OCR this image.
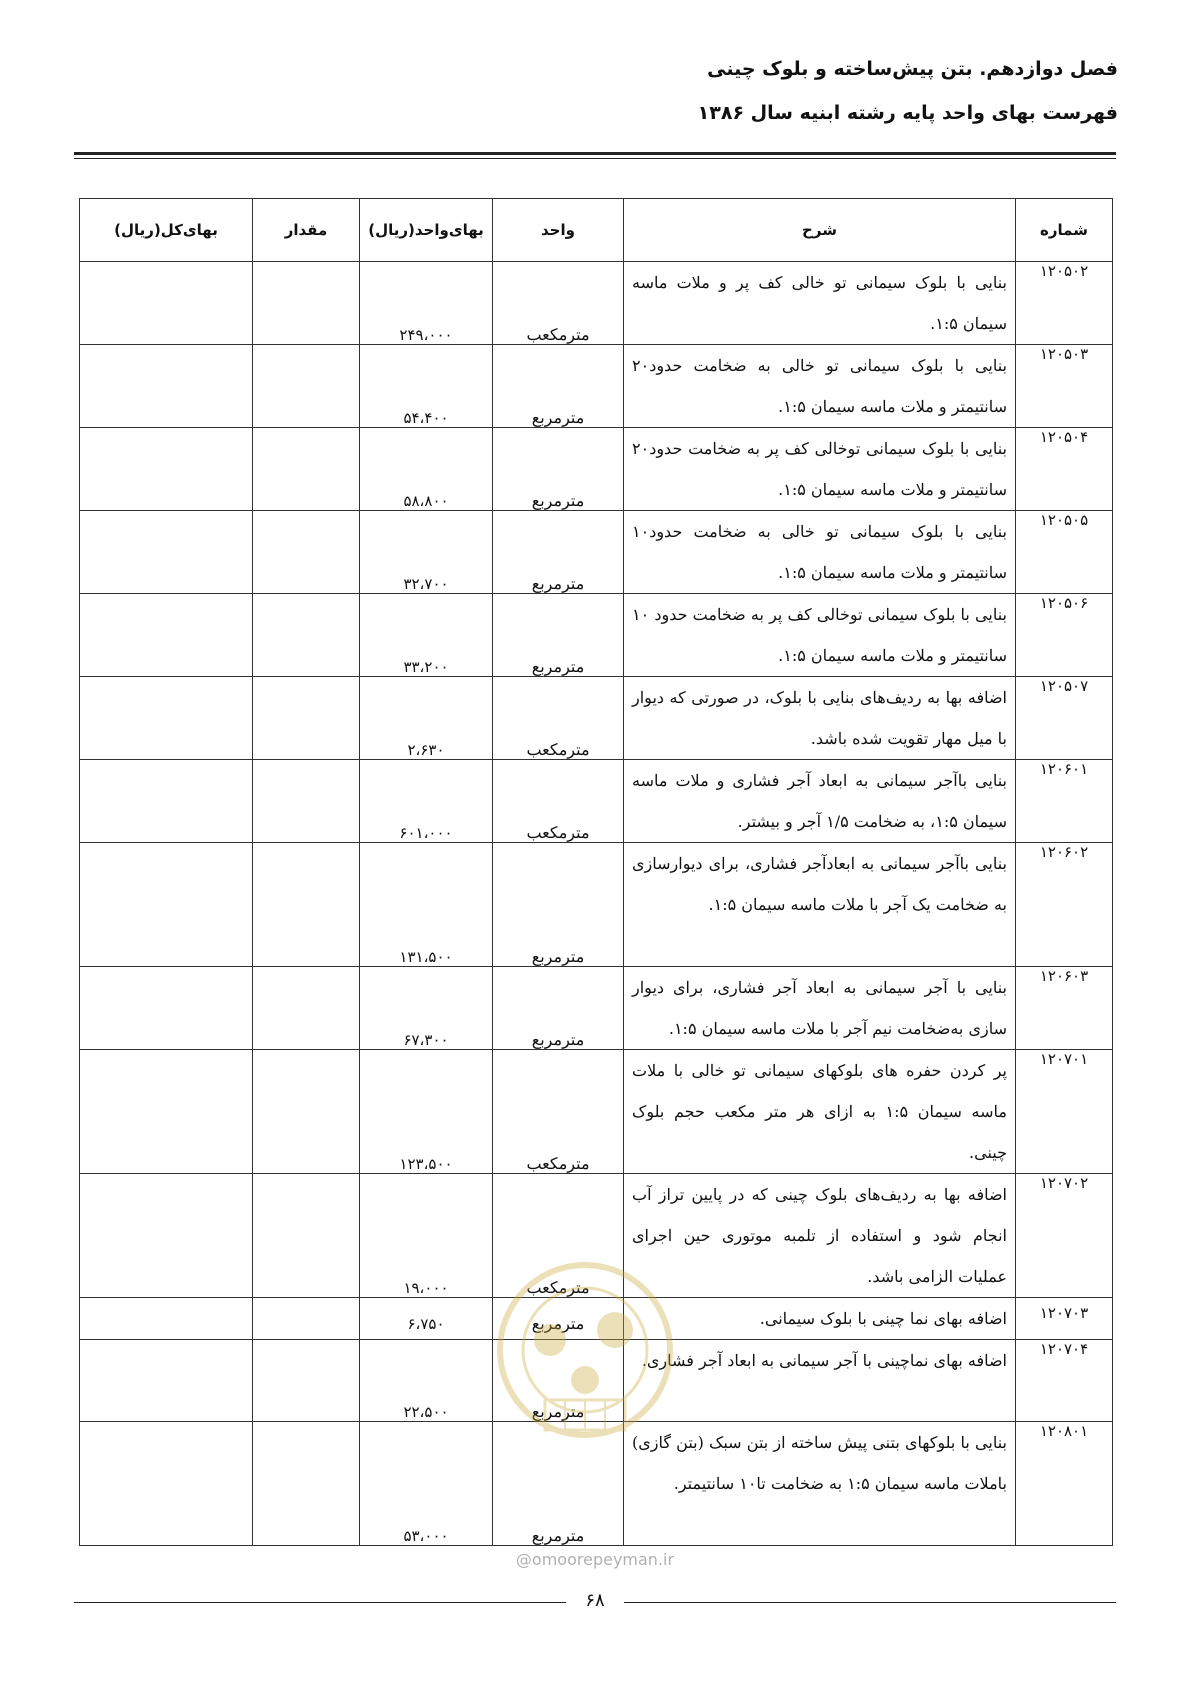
فصل دوازدهم. بتن پیش‌ساخته و بلوک چینی
فهرست بهای واحد پایه رشته ابنیه سال ۱۳۸۶
شماره	شرح	واحد	بهای‌واحد(ریال)	مقدار	بهای‌کل(ریال)
۱۲۰۵۰۲	بنایی با بلوک سیمانی تو خالی کف پر و ملات ماسه سیمان ۱:۵.	مترمکعب	۲۴۹،۰۰۰		
۱۲۰۵۰۳	بنایی با بلوک سیمانی تو خالی به ضخامت حدود۲۰ سانتیمتر و ملات ماسه سیمان ۱:۵.	مترمربع	۵۴،۴۰۰		
۱۲۰۵۰۴	بنایی با بلوک سیمانی توخالی کف پر به ضخامت حدود۲۰ سانتیمتر و ملات ماسه سیمان ۱:۵.	مترمربع	۵۸،۸۰۰		
۱۲۰۵۰۵	بنایی با بلوک سیمانی تو خالی به ضخامت حدود۱۰ سانتیمتر و ملات ماسه سیمان ۱:۵.	مترمربع	۳۲،۷۰۰		
۱۲۰۵۰۶	بنایی با بلوک سیمانی توخالی کف پر به ضخامت حدود ۱۰ سانتیمتر و ملات ماسه سیمان ۱:۵.	مترمربع	۳۳،۲۰۰		
۱۲۰۵۰۷	اضافه بها به ردیف‌های بنایی با بلوک، در صورتی که دیوار با میل مهار تقویت شده باشد.	مترمکعب	۲،۶۳۰		
۱۲۰۶۰۱	بنایی باآجر سیمانی به ابعاد آجر فشاری و ملات ماسه سیمان ۱:۵، به ضخامت ۱/۵ آجر و بیشتر.	مترمکعب	۶۰۱،۰۰۰		
۱۲۰۶۰۲	بنایی باآجر سیمانی به ابعادآجر فشاری، برای دیوارسازی به ضخامت یک آجر با ملات ماسه سیمان ۱:۵.	مترمربع	۱۳۱،۵۰۰		
۱۲۰۶۰۳	بنایی با آجر سیمانی به ابعاد آجر فشاری، برای دیوار سازی به‌ضخامت نیم آجر با ملات ماسه سیمان ۱:۵.	مترمربع	۶۷،۳۰۰		
۱۲۰۷۰۱	پر کردن حفره های بلوکهای سیمانی تو خالی با ملات ماسه سیمان ۱:۵ به ازای هر متر مکعب حجم بلوک چینی.	مترمکعب	۱۲۳،۵۰۰		
۱۲۰۷۰۲	اضافه بها به ردیف‌های بلوک چینی که در پایین تراز آب انجام شود و استفاده از تلمبه موتوری حین اجرای عملیات الزامی باشد.	مترمکعب	۱۹،۰۰۰		
۱۲۰۷۰۳	اضافه بهای نما چینی با بلوک سیمانی.	مترمربع	۶،۷۵۰		
۱۲۰۷۰۴	اضافه بهای نماچینی با آجر سیمانی به ابعاد آجر فشاری.	مترمربع	۲۲،۵۰۰		
۱۲۰۸۰۱	بنایی با بلوکهای بتنی پیش ساخته از بتن سبک (بتن گازی) باملات ماسه سیمان ۱:۵ به ضخامت تا۱۰ سانتیمتر.	مترمربع	۵۳،۰۰۰		
@omoorepeyman.ir
۶۸
